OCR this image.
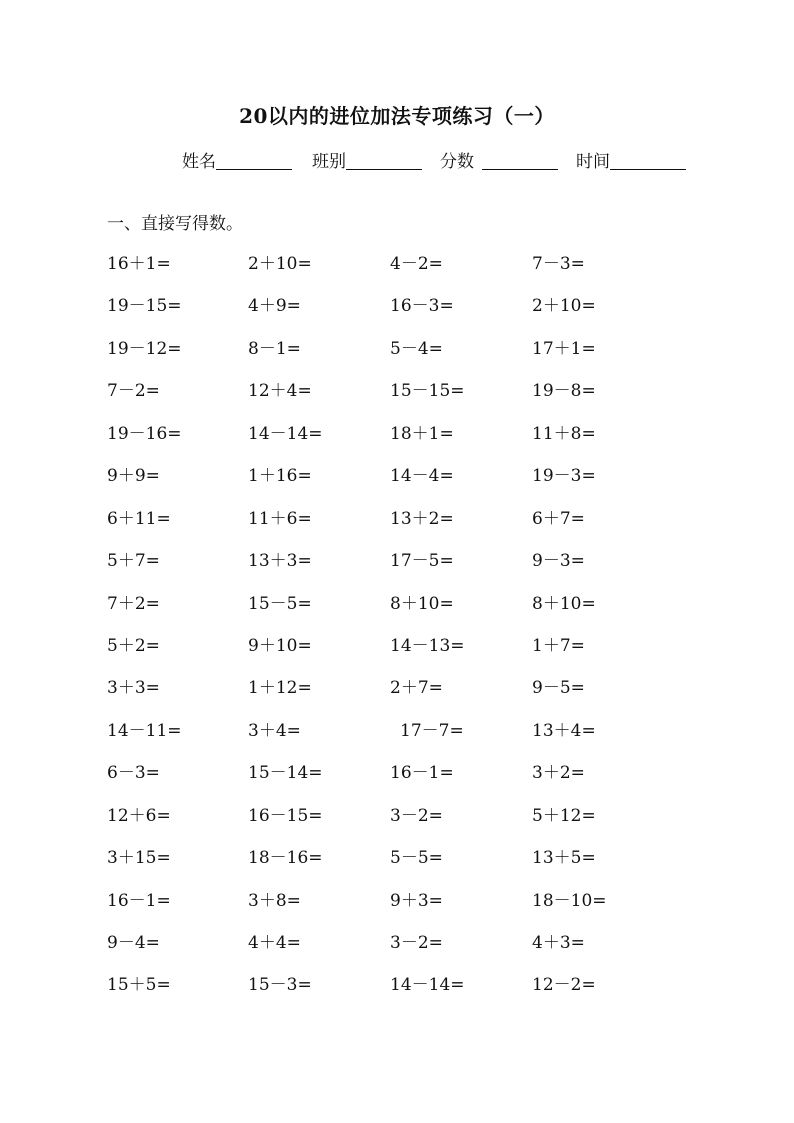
20以内的进位加法专项练习（一）
姓名	班别	分数	时间
一、直接写得数。
16＋1=	2＋10=	4－2=	7－3=
19－15=	4＋9=	16－3=	2＋10=
19－12=	8－1=	5－4=	17＋1=
7－2=	12＋4=	15－15=	19－8=
19－16=	14－14=	18＋1=	11＋8=
9＋9=	1＋16=	14－4=	19－3=
6＋11=	11＋6=	13＋2=	6＋7=
5＋7=	13＋3=	17－5=	9－3=
7＋2=	15－5=	8＋10=	8＋10=
5＋2=	9＋10=	14－13=	1＋7=
3＋3=	1＋12=	2＋7=	9－5=
14－11=	3＋4=	17－7=	13＋4=
6－3=	15－14=	16－1=	3＋2=
12＋6=	16－15=	3－2=	5＋12=
3＋15=	18－16=	5－5=	13＋5=
16－1=	3＋8=	9＋3=	18－10=
9－4=	4＋4=	3－2=	4＋3=
15＋5=	15－3=	14－14=	12－2=
